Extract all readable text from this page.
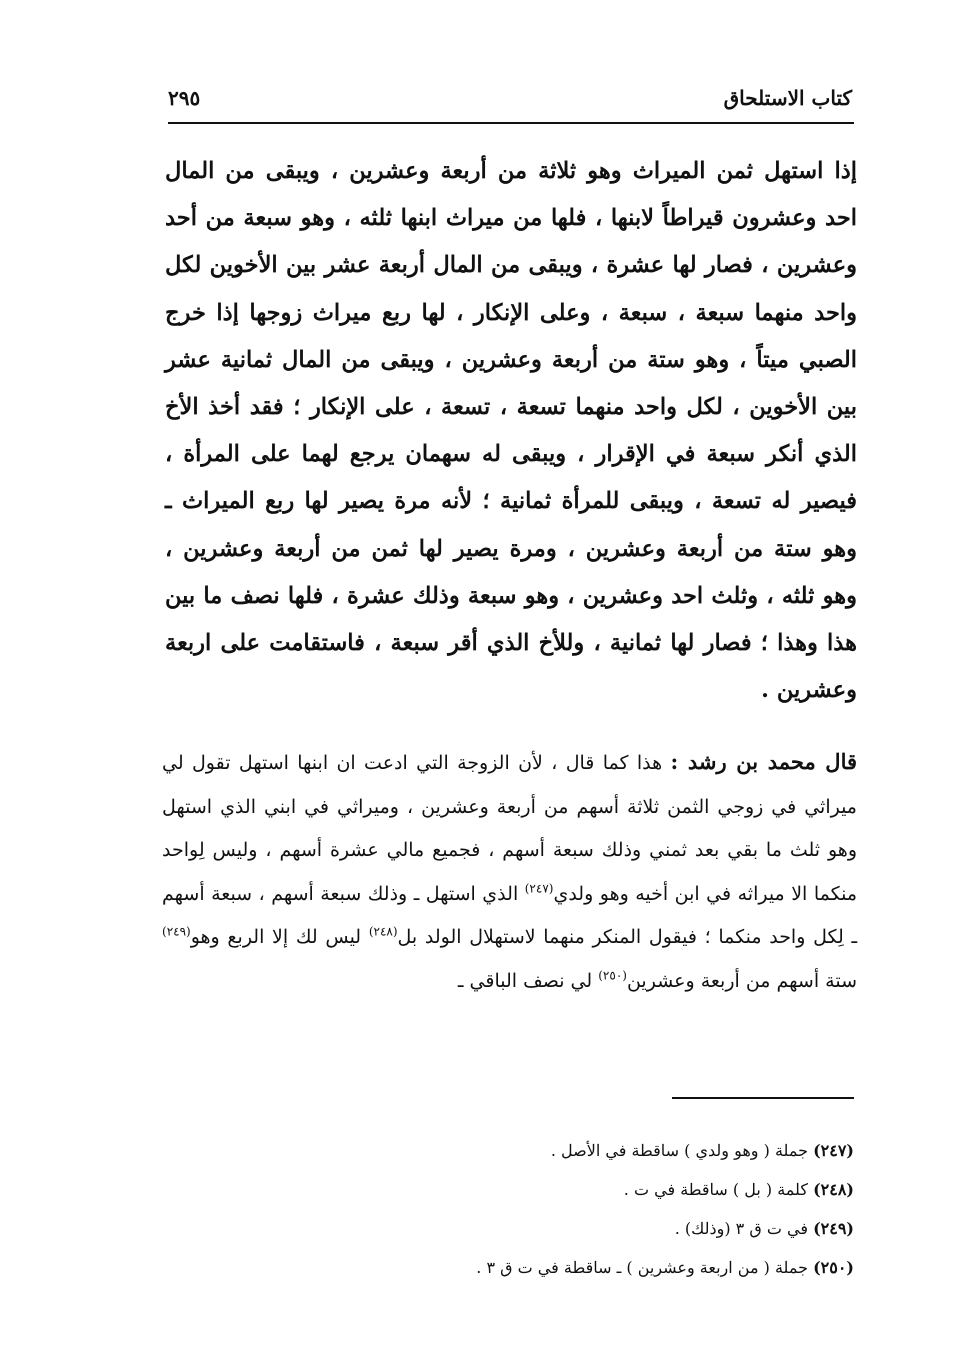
كتاب الاستلحاق
٢٩٥

إذا استهل ثمن الميراث وهو ثلاثة من أربعة وعشرين ، ويبقى من المال احد وعشرون قيراطاً لابنها ، فلها من ميراث ابنها ثلثه ، وهو سبعة من أحد وعشرين ، فصار لها عشرة ، ويبقى من المال أربعة عشر بين الأخوين لكل واحد منهما سبعة ، سبعة ، وعلى الإنكار ، لها ربع ميراث زوجها إذا خرج الصبي ميتاً ، وهو ستة من أربعة وعشرين ، ويبقى من المال ثمانية عشر بين الأخوين ، لكل واحد منهما تسعة ، تسعة ، على الإنكار ؛ فقد أخذ الأخ الذي أنكر سبعة في الإقرار ، ويبقى له سهمان يرجع لهما على المرأة ، فيصير له تسعة ، ويبقى للمرأة ثمانية ؛ لأنه مرة يصير لها ربع الميراث ـ وهو ستة من أربعة وعشرين ، ومرة يصير لها ثمن من أربعة وعشرين ، وهو ثلثه ، وثلث احد وعشرين ، وهو سبعة وذلك عشرة ، فلها نصف ما بين هذا وهذا ؛ فصار لها ثمانية ، وللأخ الذي أقر سبعة ، فاستقامت على اربعة وعشرين .

قال محمد بن رشد : هذا كما قال ، لأن الزوجة التي ادعت ان ابنها استهل تقول لي ميراثي في زوجي الثمن ثلاثة أسهم من أربعة وعشرين ، وميراثي في ابني الذي استهل وهو ثلث ما بقي بعد ثمني وذلك سبعة أسهم ، فجميع مالي عشرة أسهم ، وليس لِواحد منكما الا ميراثه في ابن أخيه وهو ولدي$^{(٢٤٧)}$ الذي استهل ـ وذلك سبعة أسهم ، سبعة أسهم ـ لِكل واحد منكما ؛ فيقول المنكر منهما لاستهلال الولد بل$^{(٢٤٨)}$ ليس لك إلا الربع وهو$^{(٢٤٩)}$ ستة أسهم من أربعة وعشرين$^{(٢٥٠)}$ لي نصف الباقي ـ

(٢٤٧) جملة ( وهو ولدي ) ساقطة في الأصل .

(٢٤٨) كلمة ( بل ) ساقطة في ت .

(٢٤٩) في ت ق ٣ (وذلك) .

(٢٥٠) جملة ( من اربعة وعشرين ) ـ ساقطة في ت ق ٣ .
